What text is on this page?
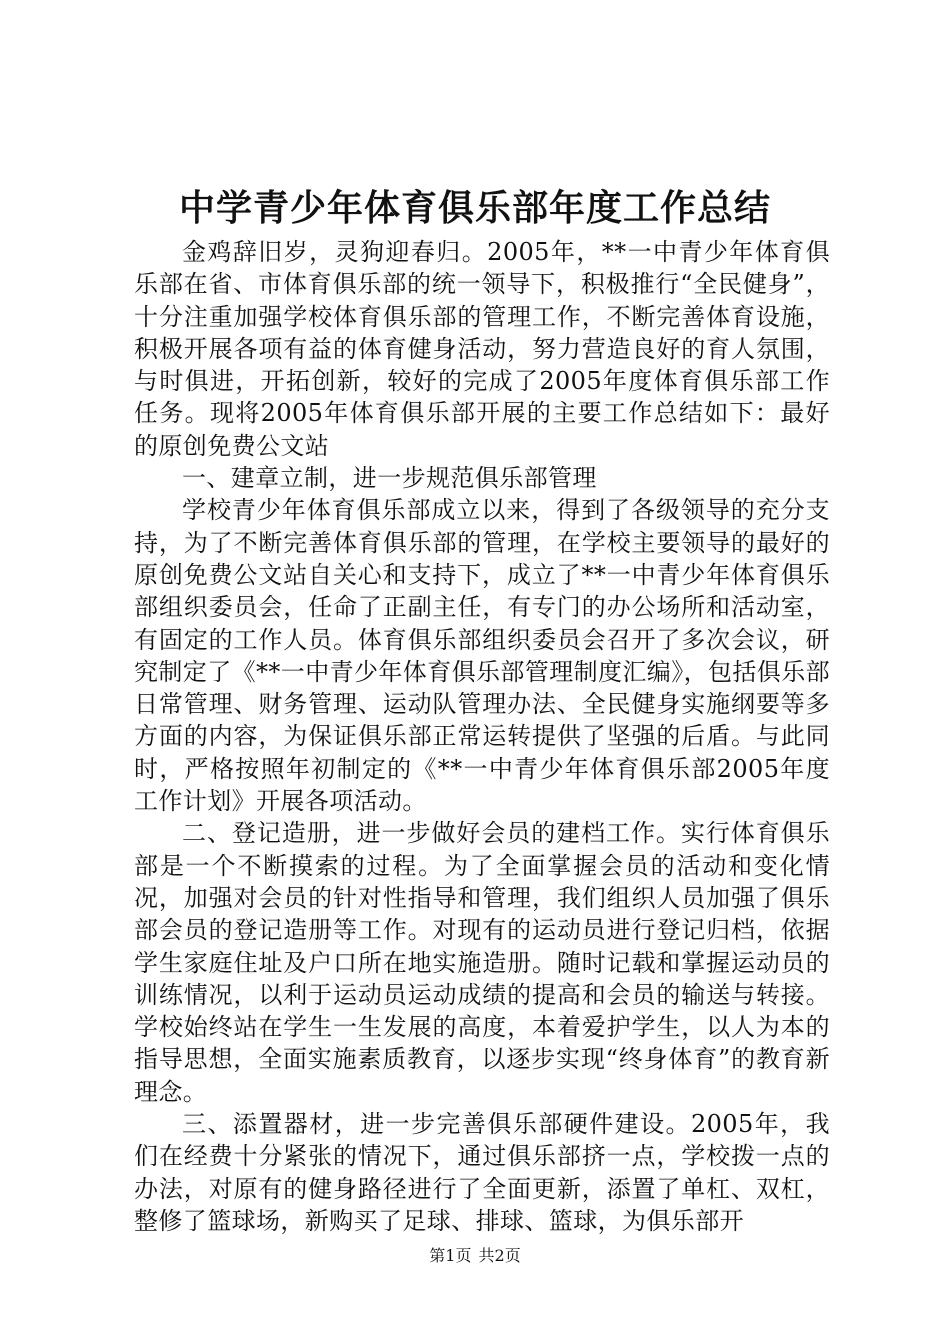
中学青少年体育俱乐部年度工作总结

金鸡辞旧岁，灵狗迎春归。2005年，**一中青少年体育俱乐部在省、市体育俱乐部的统一领导下，积极推行“全民健身”，十分注重加强学校体育俱乐部的管理工作，不断完善体育设施，积极开展各项有益的体育健身活动，努力营造良好的育人氛围，与时俱进，开拓创新，较好的完成了2005年度体育俱乐部工作任务。现将2005年体育俱乐部开展的主要工作总结如下：最好的原创免费公文站

一、建章立制，进一步规范俱乐部管理

学校青少年体育俱乐部成立以来，得到了各级领导的充分支持，为了不断完善体育俱乐部的管理，在学校主要领导的最好的原创免费公文站自关心和支持下，成立了**一中青少年体育俱乐部组织委员会，任命了正副主任，有专门的办公场所和活动室，有固定的工作人员。体育俱乐部组织委员会召开了多次会议，研究制定了《**一中青少年体育俱乐部管理制度汇编》，包括俱乐部日常管理、财务管理、运动队管理办法、全民健身实施纲要等多方面的内容，为保证俱乐部正常运转提供了坚强的后盾。与此同时，严格按照年初制定的《**一中青少年体育俱乐部2005年度工作计划》开展各项活动。

二、登记造册，进一步做好会员的建档工作。实行体育俱乐部是一个不断摸索的过程。为了全面掌握会员的活动和变化情况，加强对会员的针对性指导和管理，我们组织人员加强了俱乐部会员的登记造册等工作。对现有的运动员进行登记归档，依据学生家庭住址及户口所在地实施造册。随时记载和掌握运动员的训练情况，以利于运动员运动成绩的提高和会员的输送与转接。学校始终站在学生一生发展的高度，本着爱护学生，以人为本的指导思想，全面实施素质教育，以逐步实现“终身体育”的教育新理念。

三、添置器材，进一步完善俱乐部硬件建设。2005年，我们在经费十分紧张的情况下，通过俱乐部挤一点，学校拨一点的办法，对原有的健身路径进行了全面更新，添置了单杠、双杠，整修了篮球场，新购买了足球、排球、篮球，为俱乐部开

第1页 共2页
